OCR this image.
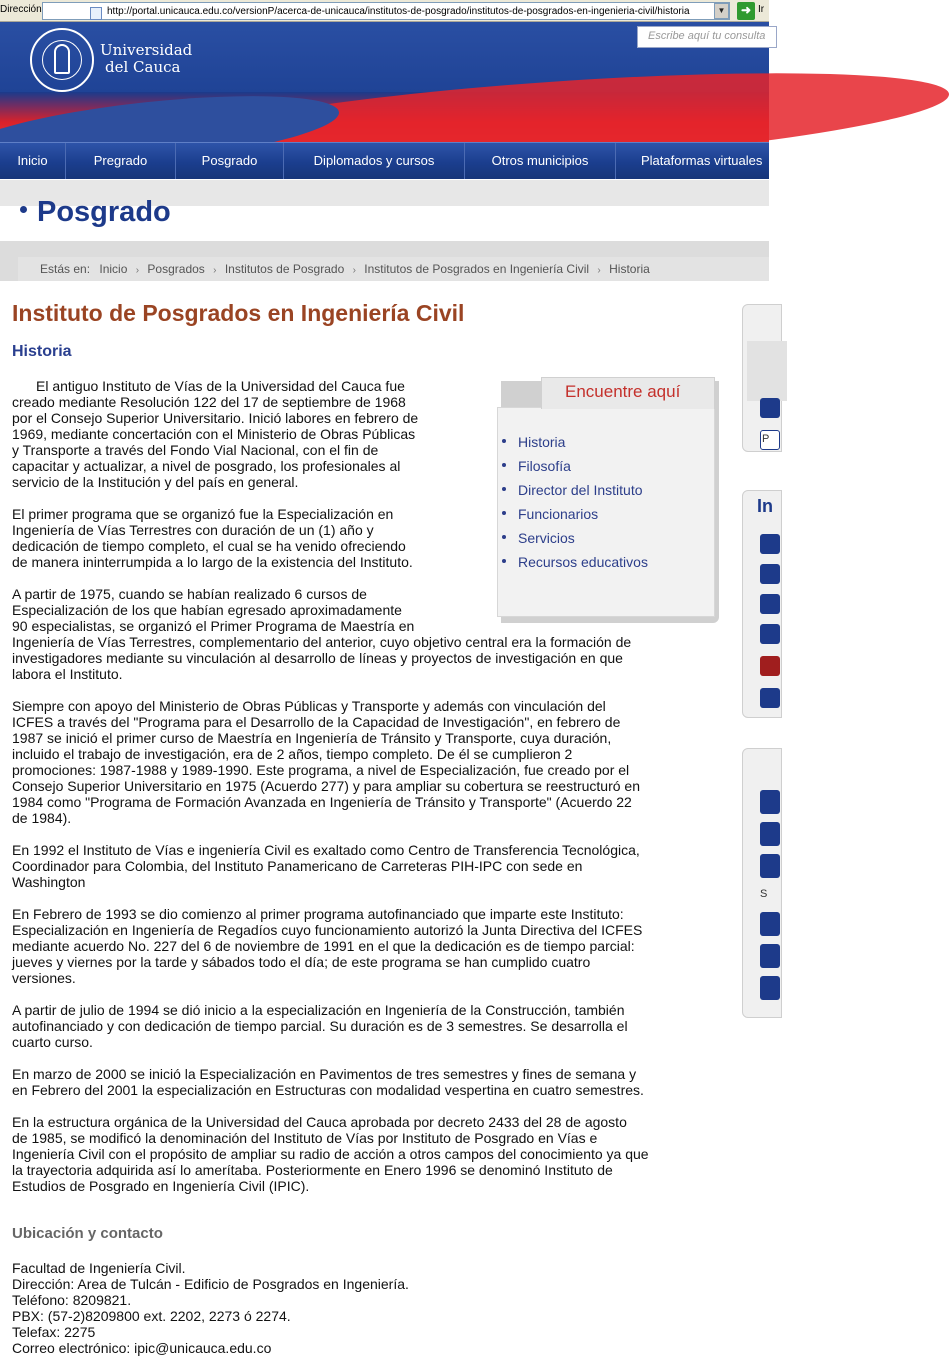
Dirección	http://portal.unicauca.edu.co/versionP/acerca-de-unicauca/institutos-de-posgrado/institutos-de-posgrados-en-ingenieria-civil/historia	▼	➜ Ir
Universidad
del Cauca
Escribe aquí tu consulta
Inicio	Pregrado	Posgrado	Diplomados y cursos	Otros municipios	Plataformas virtuales
Posgrado
Estás en: Inicio › Posgrados › Institutos de Posgrado › Institutos de Posgrados en Ingeniería Civil › Historia
Instituto de Posgrados en Ingeniería Civil
Historia
El antiguo Instituto de Vías de la Universidad del Cauca fue
creado mediante Resolución 122 del 17 de septiembre de 1968
por el Consejo Superior Universitario. Inició labores en febrero de
1969, mediante concertación con el Ministerio de Obras Públicas
y Transporte a través del Fondo Vial Nacional, con el fin de
capacitar y actualizar, a nivel de posgrado, los profesionales al
servicio de la Institución y del país en general.
El primer programa que se organizó fue la Especialización en
Ingeniería de Vías Terrestres con duración de un (1) año y
dedicación de tiempo completo, el cual se ha venido ofreciendo
de manera ininterrumpida a lo largo de la existencia del Instituto.
A partir de 1975, cuando se habían realizado 6 cursos de
Especialización de los que habían egresado aproximadamente
90 especialistas, se organizó el Primer Programa de Maestría en
Ingeniería de Vías Terrestres, complementario del anterior, cuyo objetivo central era la formación de
investigadores mediante su vinculación al desarrollo de líneas y proyectos de investigación en que
labora el Instituto.
Siempre con apoyo del Ministerio de Obras Públicas y Transporte y además con vinculación del
ICFES a través del "Programa para el Desarrollo de la Capacidad de Investigación", en febrero de
1987 se inició el primer curso de Maestría en Ingeniería de Tránsito y Transporte, cuya duración,
incluido el trabajo de investigación, era de 2 años, tiempo completo. De él se cumplieron 2
promociones: 1987-1988 y 1989-1990. Este programa, a nivel de Especialización, fue creado por el
Consejo Superior Universitario en 1975 (Acuerdo 277) y para ampliar su cobertura se reestructuró en
1984 como "Programa de Formación Avanzada en Ingeniería de Tránsito y Transporte" (Acuerdo 22
de 1984).
En 1992 el Instituto de Vías e ingeniería Civil es exaltado como Centro de Transferencia Tecnológica,
Coordinador para Colombia, del Instituto Panamericano de Carreteras PIH-IPC con sede en
Washington
En Febrero de 1993 se dio comienzo al primer programa autofinanciado que imparte este Instituto:
Especialización en Ingeniería de Regadíos cuyo funcionamiento autorizó la Junta Directiva del ICFES
mediante acuerdo No. 227 del 6 de noviembre de 1991 en el que la dedicación es de tiempo parcial:
jueves y viernes por la tarde y sábados todo el día; de este programa se han cumplido cuatro
versiones.
A partir de julio de 1994 se dió inicio a la especialización en Ingeniería de la Construcción, también
autofinanciado y con dedicación de tiempo parcial. Su duración es de 3 semestres. Se desarrolla el
cuarto curso.
En marzo de 2000 se inició la Especialización en Pavimentos de tres semestres y fines de semana y
en Febrero del 2001 la especialización en Estructuras con modalidad vespertina en cuatro semestres.
En la estructura orgánica de la Universidad del Cauca aprobada por decreto 2433 del 28 de agosto
de 1985, se modificó la denominación del Instituto de Vías por Instituto de Posgrado en Vías e
Ingeniería Civil con el propósito de ampliar su radio de acción a otros campos del conocimiento ya que
la trayectoria adquirida así lo amerítaba. Posteriormente en Enero 1996 se denominó Instituto de
Estudios de Posgrado en Ingeniería Civil (IPIC).
Historia
Filosofía
Director del Instituto
Funcionarios
Servicios
Recursos educativos
Encuentre aquí
P
In
S
Ubicación y contacto
Facultad de Ingeniería Civil.
Dirección: Area de Tulcán - Edificio de Posgrados en Ingeniería.
Teléfono: 8209821.
PBX: (57-2)8209800 ext. 2202, 2273 ó 2274.
Telefax: 2275
Correo electrónico: ipic@unicauca.edu.co
